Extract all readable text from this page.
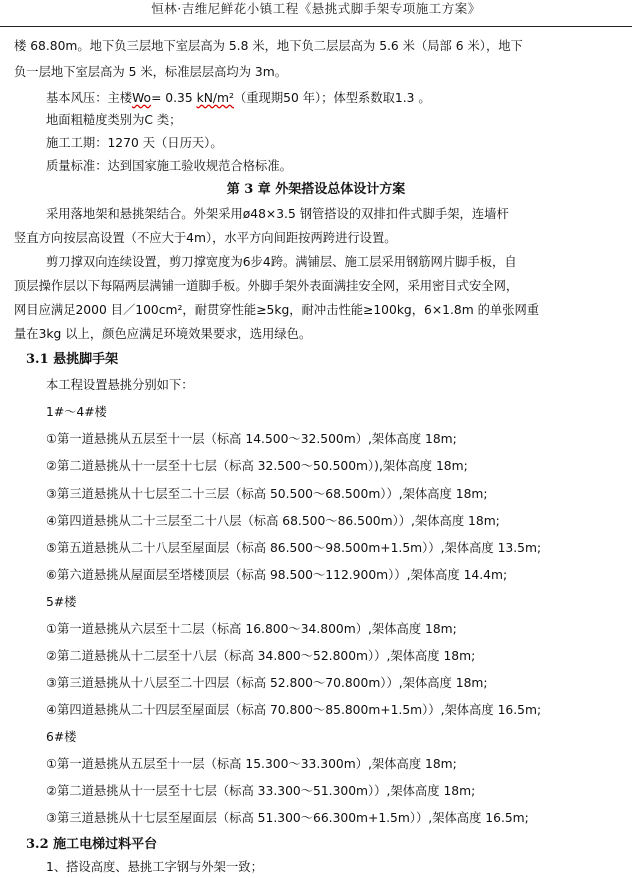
恒林·吉维尼鲜花小镇工程《悬挑式脚手架专项施工方案》
楼 68.80m。地下负三层地下室层高为 5.8 米，地下负二层层高为 5.6 米（局部 6 米），地下
负一层地下室层高为 5 米，标准层层高均为 3m。
基本风压：主楼Wo= 0.35 kN/m²（重现期50 年）；体型系数取1.3 。
地面粗糙度类别为C 类；
施工工期：1270 天（日历天）。
质量标准：达到国家施工验收规范合格标准。
第 3 章 外架搭设总体设计方案
采用落地架和悬挑架结合。外架采用ø48×3.5 钢管搭设的双排扣件式脚手架，连墙杆
竖直方向按层高设置（不应大于4m），水平方向间距按两跨进行设置。
剪刀撑双向连续设置，剪刀撑宽度为6步4跨。满铺层、施工层采用钢筋网片脚手板，自
顶层操作层以下每隔两层满铺一道脚手板。外脚手架外表面满挂安全网，采用密目式安全网，
网目应满足2000 目／100cm²，耐贯穿性能≥5kg，耐冲击性能≥100kg，6×1.8m 的单张网重
量在3kg 以上，颜色应满足环境效果要求，选用绿色。
3.1 悬挑脚手架
本工程设置悬挑分别如下：
1#～4#楼
①第一道悬挑从五层至十一层（标高 14.500～32.500m）,架体高度 18m;
②第二道悬挑从十一层至十七层（标高 32.500～50.500m）),架体高度 18m;
③第三道悬挑从十七层至二十三层（标高 50.500～68.500m））,架体高度 18m;
④第四道悬挑从二十三层至二十八层（标高 68.500～86.500m））,架体高度 18m;
⑤第五道悬挑从二十八层至屋面层（标高 86.500～98.500m+1.5m））,架体高度 13.5m;
⑥第六道悬挑从屋面层至塔楼顶层（标高 98.500～112.900m））,架体高度 14.4m;
5#楼
①第一道悬挑从六层至十二层（标高 16.800～34.800m）,架体高度 18m;
②第二道悬挑从十二层至十八层（标高 34.800～52.800m））,架体高度 18m;
③第三道悬挑从十八层至二十四层（标高 52.800～70.800m））,架体高度 18m;
④第四道悬挑从二十四层至屋面层（标高 70.800～85.800m+1.5m））,架体高度 16.5m;
6#楼
①第一道悬挑从五层至十一层（标高 15.300～33.300m）,架体高度 18m;
②第二道悬挑从十一层至十七层（标高 33.300～51.300m））,架体高度 18m;
③第三道悬挑从十七层至屋面层（标高 51.300～66.300m+1.5m））,架体高度 16.5m;
3.2 施工电梯过料平台
1、搭设高度、悬挑工字钢与外架一致；
